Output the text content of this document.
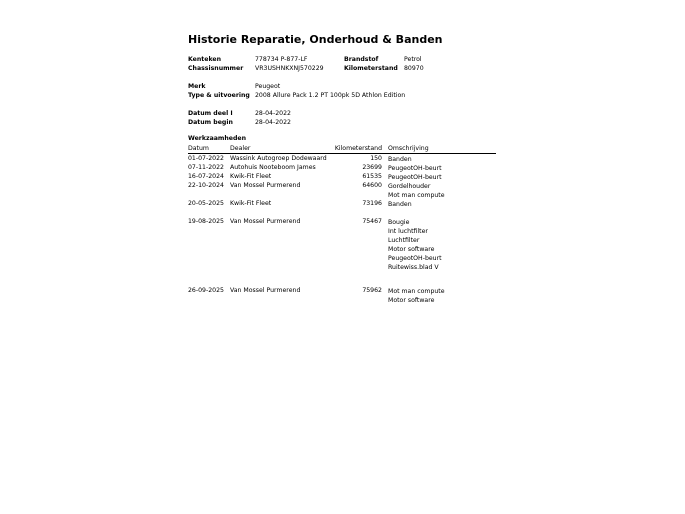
Historie Reparatie, Onderhoud & Banden
Kenteken	778734 P-877-LF	Brandstof	Petrol
Chassisnummer VR3USHNKXNJ570229	Kilometerstand 80970
Merk	Peugeot
Type & uitvoering 2008 Allure Pack 1.2 PT 100pk 5D Athlon Edition
Datum deel I	28-04-2022
Datum begin	28-04-2022
Werkzaamheden
Datum	Dealer	Kilometerstand Omschrijving
01-07-2022 Wassink Autogroep Dodewaard	150 Banden
07-11-2022 Autohuis Nooteboom James	23699 PeugeotOH-beurt
16-07-2024 Kwik-Fit Fleet	61535 PeugeotOH-beurt
22-10-2024 Van Mossel Purmerend	64600 Gordelhouder
Mot man compute
20-05-2025 Kwik-Fit Fleet	73196 Banden
19-08-2025 Van Mossel Purmerend	75467 Bougie
Int luchtfilter
Luchtfilter
Motor software
PeugeotOH-beurt
Ruitewiss.blad V
26-09-2025 Van Mossel Purmerend	75962 Mot man compute
Motor software
